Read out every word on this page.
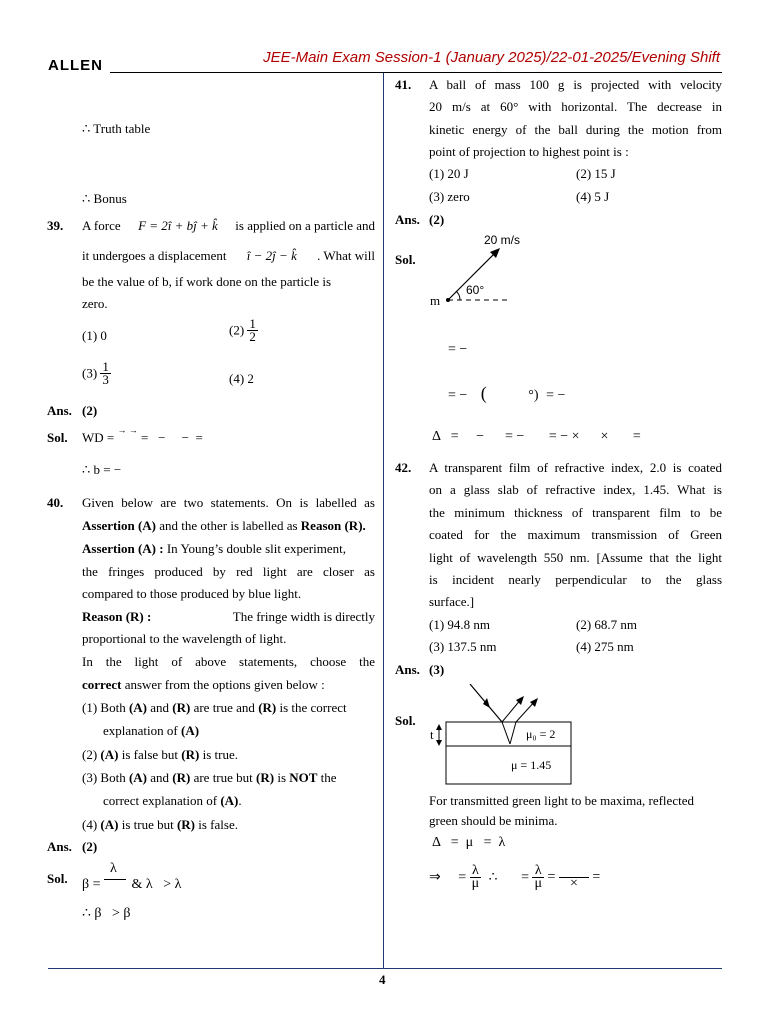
ALLEN	JEE-Main Exam Session-1 (January 2025)/22-01-2025/Evening Shift
∴ Truth table
∴ Bonus
39. A force F = 2î + bĵ + k̂ is applied on a particle and
it undergoes a displacement î − 2ĵ − k̂ . What will
be the value of b, if work done on the particle is
zero.
(1) 0	$(2) \frac{1}{2}$
$(3) \frac{1}{3}$	(4) 2
Ans. (2)
Sol. WD = → → =   −     −  =
∴ b = −
40. Given below are two statements. On is labelled as
Assertion (A) and the other is labelled as Reason (R).
Assertion (A) : In Young’s double slit experiment,
the fringes produced by red light are closer as
compared to those produced by blue light.
Reason (R) :	The fringe width is directly
proportional to the wavelength of light.
In the light of above statements, choose the
correct answer from the options given below :
(1) Both (A) and (R) are true and (R) is the correct
explanation of (A)
(2) (A) is false but (R) is true.
(3) Both (A) and (R) are true but (R) is NOT the
correct explanation of (A).
(4) (A) is true but (R) is false.
Ans. (2)
Sol. β =
λ
& λ   > λ
∴ β   > β
41. A ball of mass 100 g is projected with velocity
20 m/s at 60° with horizontal. The decrease in
kinetic energy of the ball during the motion from
point of projection to highest point is :
(1) 20 J	(2) 15 J
(3) zero	(4) 5 J
Ans. (2)
Sol.
20 m/s
60°
m
= −
= − (	°) = −
Δ   =     −      = −       = − ×      ×       =
42. A transparent film of refractive index, 2.0 is coated
on a glass slab of refractive index, 1.45. What is
the minimum thickness of transparent film to be
coated for the maximum transmission of Green
light of wavelength 550 nm. [Assume that the light
is incident nearly perpendicular to the glass
surface.]
(1) 94.8 nm	(2) 68.7 nm
(3) 137.5 nm	(4) 275 nm
Ans. (3)
Sol.
t	μ₀ = 2
μ = 1.45
For transmitted green light to be maxima, reflected
green should be minima.
Δ   =  μ   =  λ
⇒ = $\frac{\lambda}{\mu}$ ∴ = $\frac{\lambda}{\mu}$ =	×	=
4
